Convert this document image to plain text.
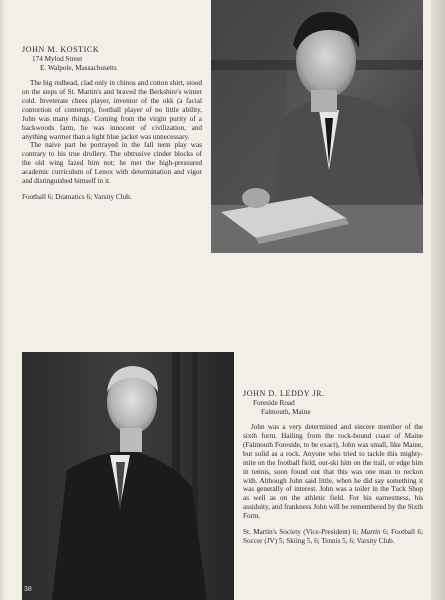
JOHN M. KOSTICK
174 Mylod Street
E. Walpole, Massachusetts

The big redhead, clad only in chinos and cotton shirt, stood on the steps of St. Martin's and braved the Berkshire's winter cold. Inveterate chess player, inventor of the okk (a facial contortion of contempt), football player of no little ability, John was many things. Coming from the virgin purity of a backwoods farm, he was innocent of civilization, and anything warmer than a light blue jacket was unnecessary.

The naive part he portrayed in the fall term play was contrary to his true drollery. The obtrusive cinder blocks of the old wing fazed him not; he met the high-pressured academic curriculum of Lenox with determination and vigor and distinguished himself in it.

Football 6; Dramatics 6; Varsity Club.

38
JOHN D. LEDDY JR.
Foreside Road
Falmouth, Maine

John was a very determined and sincere member of the sixth form. Hailing from the rock-bound coast of Maine (Falmouth Foreside, to be exact), John was small, like Maine, but solid as a rock. Anyone who tried to tackle this mighty-mite on the football field, out-ski him on the trail, or edge him in tennis, soon found out that this was one man to reckon with. Although John said little, when he did say something it was generally of interest. John was a toiler in the Tuck Shop as well as on the athletic field. For his earnestness, his assiduity, and frankness John will be remembered by the Sixth Form.

St. Martin's Society (Vice-President) 6; Martin 6; Football 6; Soccer (JV) 5; Skiing 5, 6; Tennis 5, 6; Varsity Club.
